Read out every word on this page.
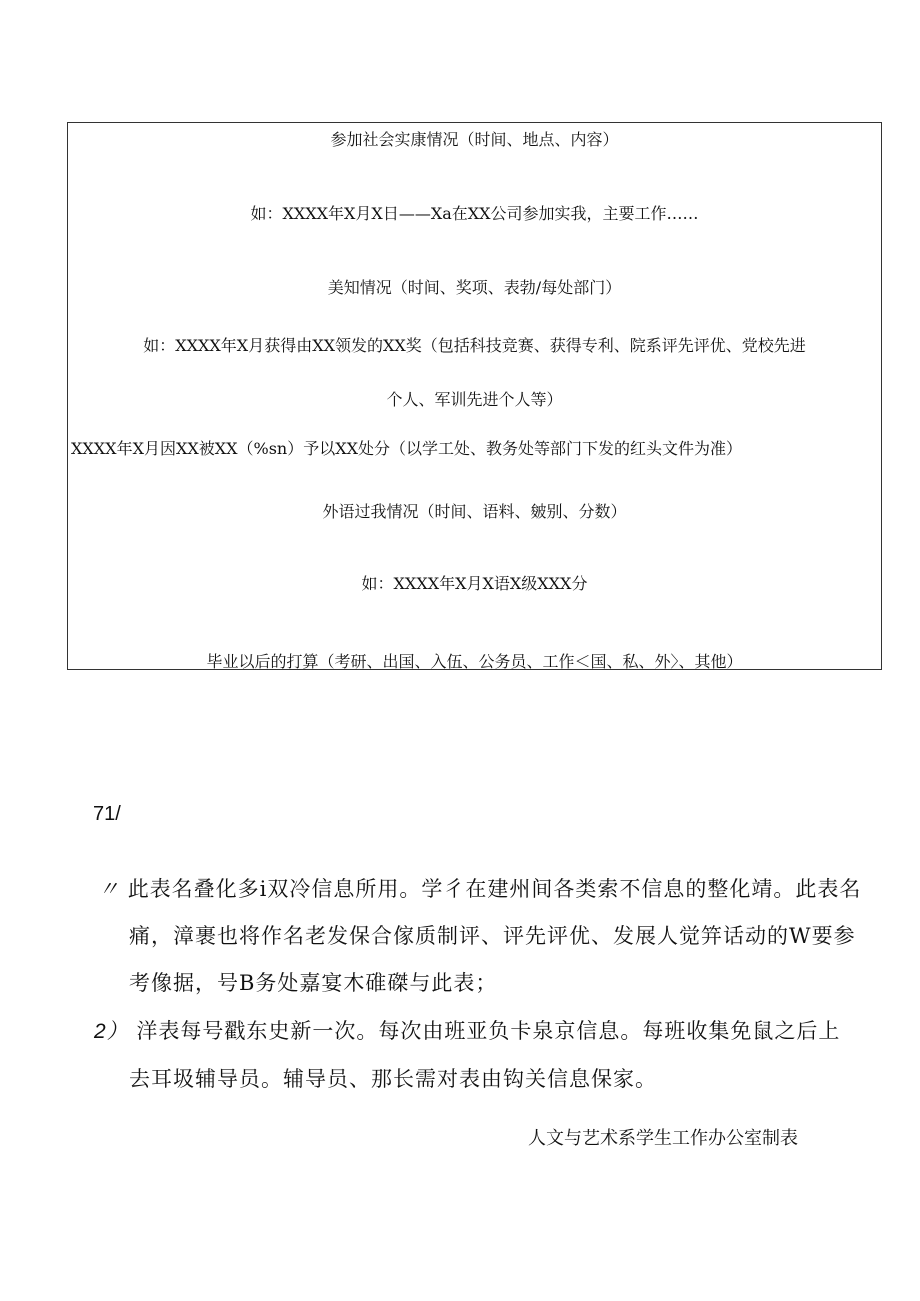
参加社会实康情况（时间、地点、内容）
如：XXXX年X月X日——Xa在XX公司参加实我，主要工作……
美知情况（时间、奖项、表勃/每处部门）
如：XXXX年X月获得由XX领发的XX奖（包括科技竞赛、获得专利、院系评先评优、党校先进
个人、军训先进个人等）
XXXX年X月因XX被XX（%sn）予以XX处分（以学工处、教务处等部门下发的红头文件为准）
外语过我情况（时间、语料、皴别、分数）
如：XXXX年X月X语X级XXX分
毕业以后的打算（考研、出国、入伍、公务员、工作＜国、私、外〉、其他）
71/
〃 此表名叠化多i双冷信息所用。学彳在建州间各类索不信息的整化靖。此表名
痛，漳裹也将作名老发保合傢质制评、评先评优、发展人觉笄话动的W要参
考像据，号B务处嘉宴木碓磔与此表；
2） 洋表每号戳东史新一次。每次由班亚负卡泉京信息。每班收集免鼠之后上
去耳圾辅导员。辅导员、那长需对表由钩关信息保家。
人文与艺术系学生工作办公室制表
